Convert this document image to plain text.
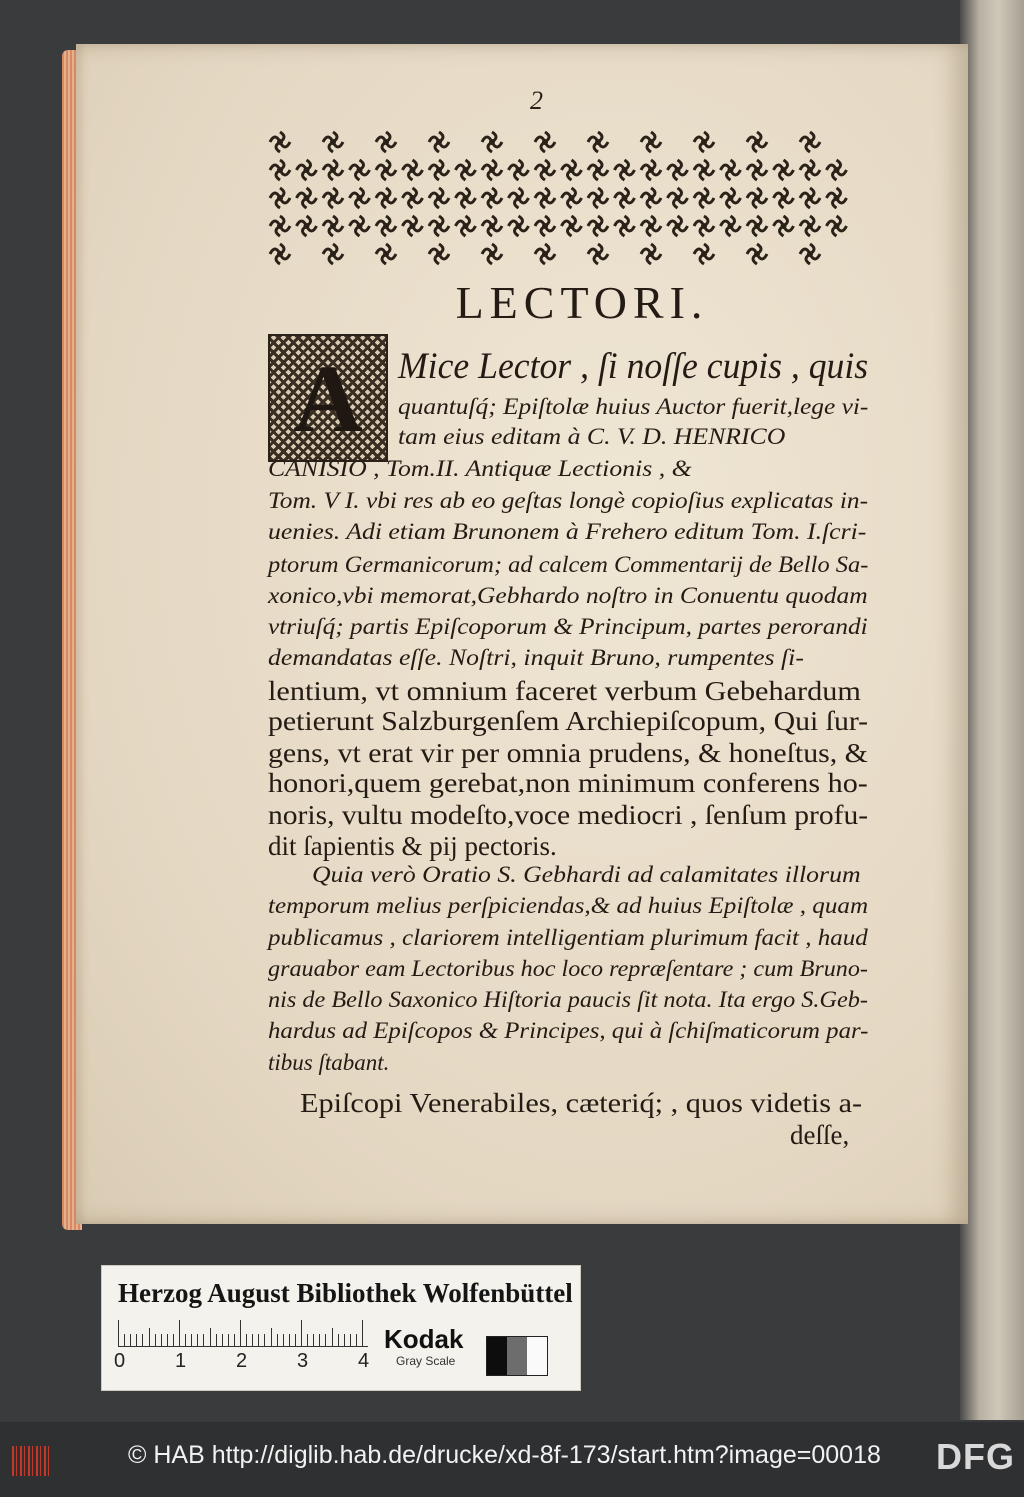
2
LECTORI.
A Mice Lector , ſi noſſe cupis , quis
quantuſq́; Epiſtolæ huius Auctor fuerit,lege vi-
tam eius editam à C. V. D. HENRICO
CANISIO , Tom.II. Antiquæ Lectionis , &
Tom. V I. vbi res ab eo geſtas longè copioſius explicatas in-
uenies. Adi etiam Brunonem à Frehero editum Tom. I.ſcri-
ptorum Germanicorum; ad calcem Commentarij de Bello Sa-
xonico,vbi memorat,Gebhardo noſtro in Conuentu quodam
vtriuſq́; partis Epiſcoporum & Principum, partes perorandi
demandatas eſſe. Noſtri, inquit Bruno, rumpentes ſi-
lentium, vt omnium faceret verbum Gebehardum
petierunt Salzburgenſem Archiepiſcopum, Qui ſur-
gens, vt erat vir per omnia prudens, & honeſtus, &
honori,quem gerebat,non minimum conferens ho-
noris, vultu modeſto,voce mediocri , ſenſum profu-
dit ſapientis & pij pectoris.
Quia verò Oratio S. Gebhardi ad calamitates illorum
temporum melius perſpiciendas,& ad huius Epiſtolæ , quam
publicamus , clariorem intelligentiam plurimum facit , haud
grauabor eam Lectoribus hoc loco repræſentare ; cum Bruno-
nis de Bello Saxonico Hiſtoria paucis ſit nota. Ita ergo S.Geb-
hardus ad Epiſcopos & Principes, qui à ſchiſmaticorum par-
tibus ſtabant.
Epiſcopi Venerabiles, cæteriq́; , quos videtis a-
deſſe,
Herzog August Bibliothek Wolfenbüttel
0 1 2 3 4
Kodak
Gray Scale
© HAB http://diglib.hab.de/drucke/xd-8f-173/start.htm?image=00018 DFG
